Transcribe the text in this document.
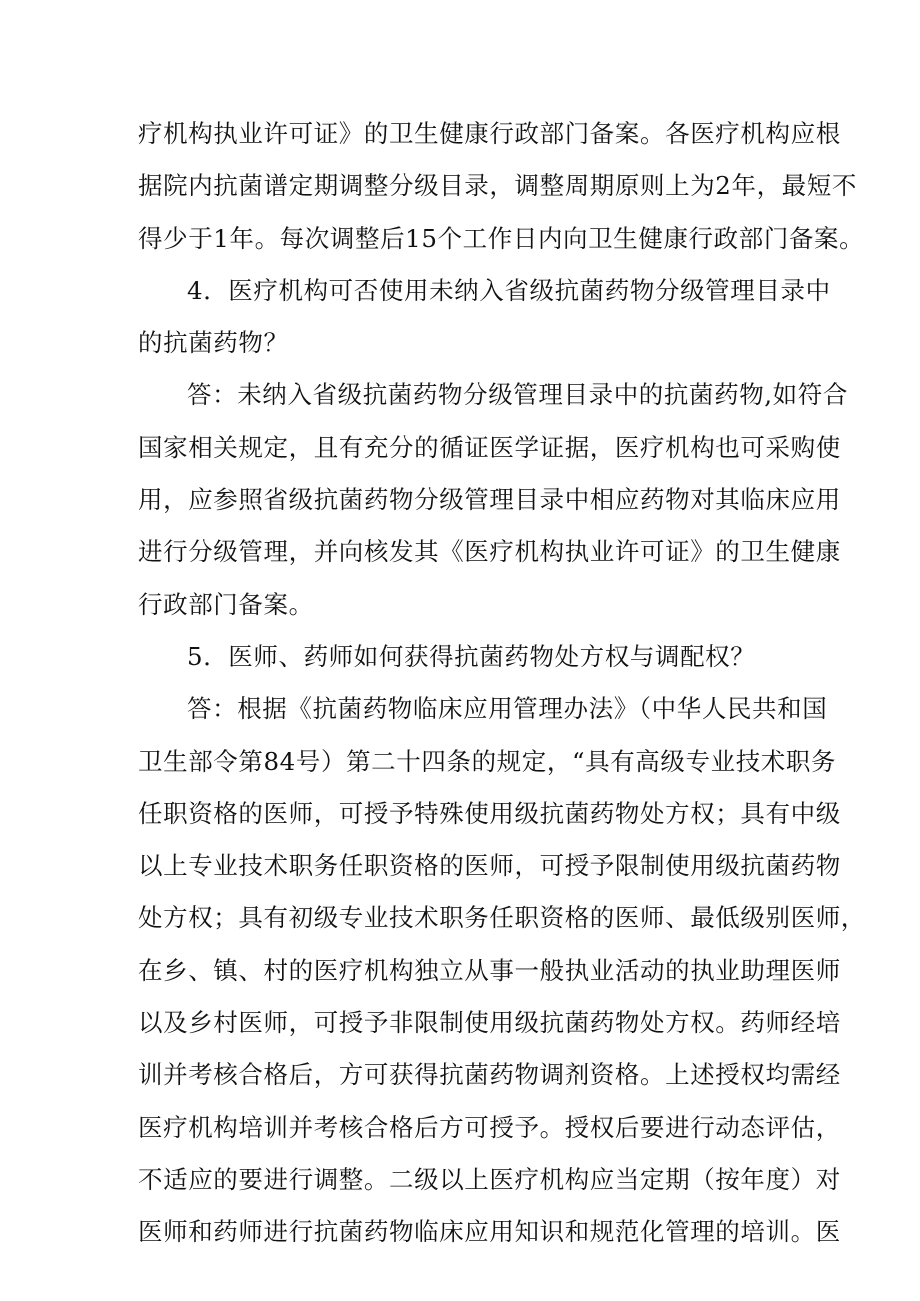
疗机构执业许可证》的卫生健康行政部门备案。各医疗机构应根
据院内抗菌谱定期调整分级目录，调整周期原则上为2年，最短不
得少于1年。每次调整后15个工作日内向卫生健康行政部门备案。
4．医疗机构可否使用未纳入省级抗菌药物分级管理目录中
的抗菌药物？
答：未纳入省级抗菌药物分级管理目录中的抗菌药物,如符合
国家相关规定，且有充分的循证医学证据，医疗机构也可采购使
用，应参照省级抗菌药物分级管理目录中相应药物对其临床应用
进行分级管理，并向核发其《医疗机构执业许可证》的卫生健康
行政部门备案。
5．医师、药师如何获得抗菌药物处方权与调配权？
答：根据《抗菌药物临床应用管理办法》（中华人民共和国
卫生部令第84号）第二十四条的规定，“具有高级专业技术职务
任职资格的医师，可授予特殊使用级抗菌药物处方权；具有中级
以上专业技术职务任职资格的医师，可授予限制使用级抗菌药物
处方权；具有初级专业技术职务任职资格的医师、最低级别医师，
在乡、镇、村的医疗机构独立从事一般执业活动的执业助理医师
以及乡村医师，可授予非限制使用级抗菌药物处方权。药师经培
训并考核合格后，方可获得抗菌药物调剂资格。上述授权均需经
医疗机构培训并考核合格后方可授予。授权后要进行动态评估，
不适应的要进行调整。二级以上医疗机构应当定期（按年度）对
医师和药师进行抗菌药物临床应用知识和规范化管理的培训。医
